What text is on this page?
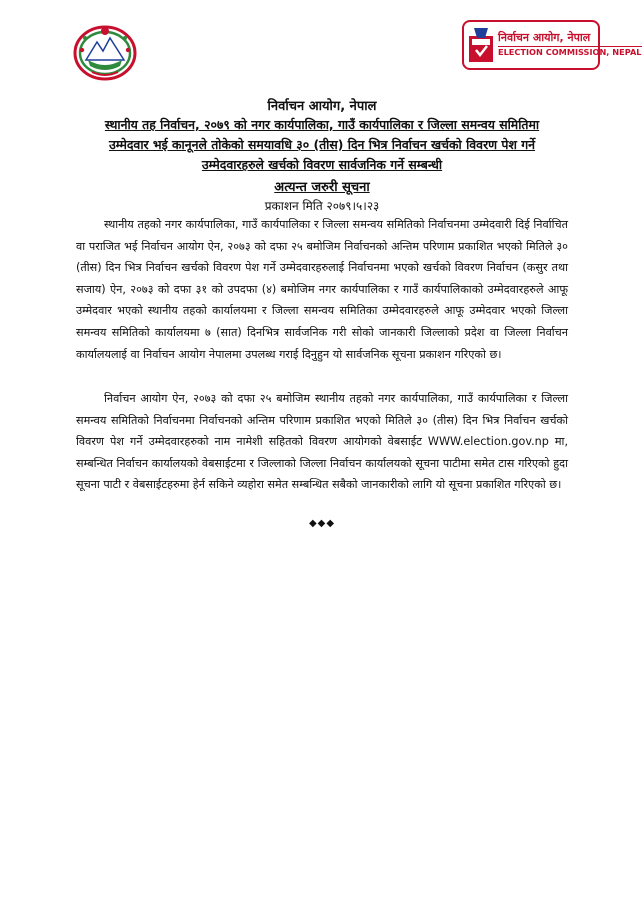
निर्वाचन आयोग, नेपाल
ELECTION COMMISSION, NEPAL
निर्वाचन आयोग, नेपाल
स्थानीय तह निर्वाचन, २०७९ को नगर कार्यपालिका, गाउँ कार्यपालिका र जिल्ला समन्वय समितिमा
उम्मेदवार भई कानूनले तोकेको समयावधि ३० (तीस) दिन भित्र निर्वाचन खर्चको विवरण पेश गर्ने
उम्मेदवारहरुले खर्चको विवरण सार्वजनिक गर्ने सम्बन्धी
अत्यन्त जरुरी सूचना
प्रकाशन मिति २०७९।५।२३

स्थानीय तहको नगर कार्यपालिका, गाउँ कार्यपालिका र जिल्ला समन्वय समितिको निर्वाचनमा उम्मेदवारी दिई निर्वाचित वा पराजित भई निर्वाचन आयोग ऐन, २०७३ को दफा २५ बमोजिम निर्वाचनको अन्तिम परिणाम प्रकाशित भएको मितिले ३० (तीस) दिन भित्र निर्वाचन खर्चको विवरण पेश गर्ने उम्मेदवारहरुलाई निर्वाचनमा भएको खर्चको विवरण निर्वाचन (कसुर तथा सजाय) ऐन, २०७३ को दफा ३१ को उपदफा (४) बमोजिम नगर कार्यपालिका र गाउँ कार्यपालिकाको उम्मेदवारहरुले आफू उम्मेदवार भएको स्थानीय तहको कार्यालयमा र जिल्ला समन्वय समितिका उम्मेदवारहरुले आफू उम्मेदवार भएको जिल्ला समन्वय समितिको कार्यालयमा ७ (सात) दिनभित्र सार्वजनिक गरी सोको जानकारी जिल्लाको प्रदेश वा जिल्ला निर्वाचन कार्यालयलाई वा निर्वाचन आयोग नेपालमा उपलब्ध गराई दिनुहुन यो सार्वजनिक सूचना प्रकाशन गरिएको छ।

निर्वाचन आयोग ऐन, २०७३ को दफा २५ बमोजिम स्थानीय तहको नगर कार्यपालिका, गाउँ कार्यपालिका र जिल्ला समन्वय समितिको निर्वाचनमा निर्वाचनको अन्तिम परिणाम प्रकाशित भएको मितिले ३० (तीस) दिन भित्र निर्वाचन खर्चको विवरण पेश गर्ने उम्मेदवारहरुको नाम नामेशी सहितको विवरण आयोगको वेबसाईट WWW.election.gov.np मा, सम्बन्धित निर्वाचन कार्यालयको वेबसाईटमा र जिल्लाको जिल्ला निर्वाचन कार्यालयको सूचना पाटीमा समेत टास गरिएको हुदा सूचना पाटी र वेबसाईटहरुमा हेर्न सकिने व्यहोरा समेत सम्बन्धित सबैको जानकारीको लागि यो सूचना प्रकाशित गरिएको छ।

◆◆◆
